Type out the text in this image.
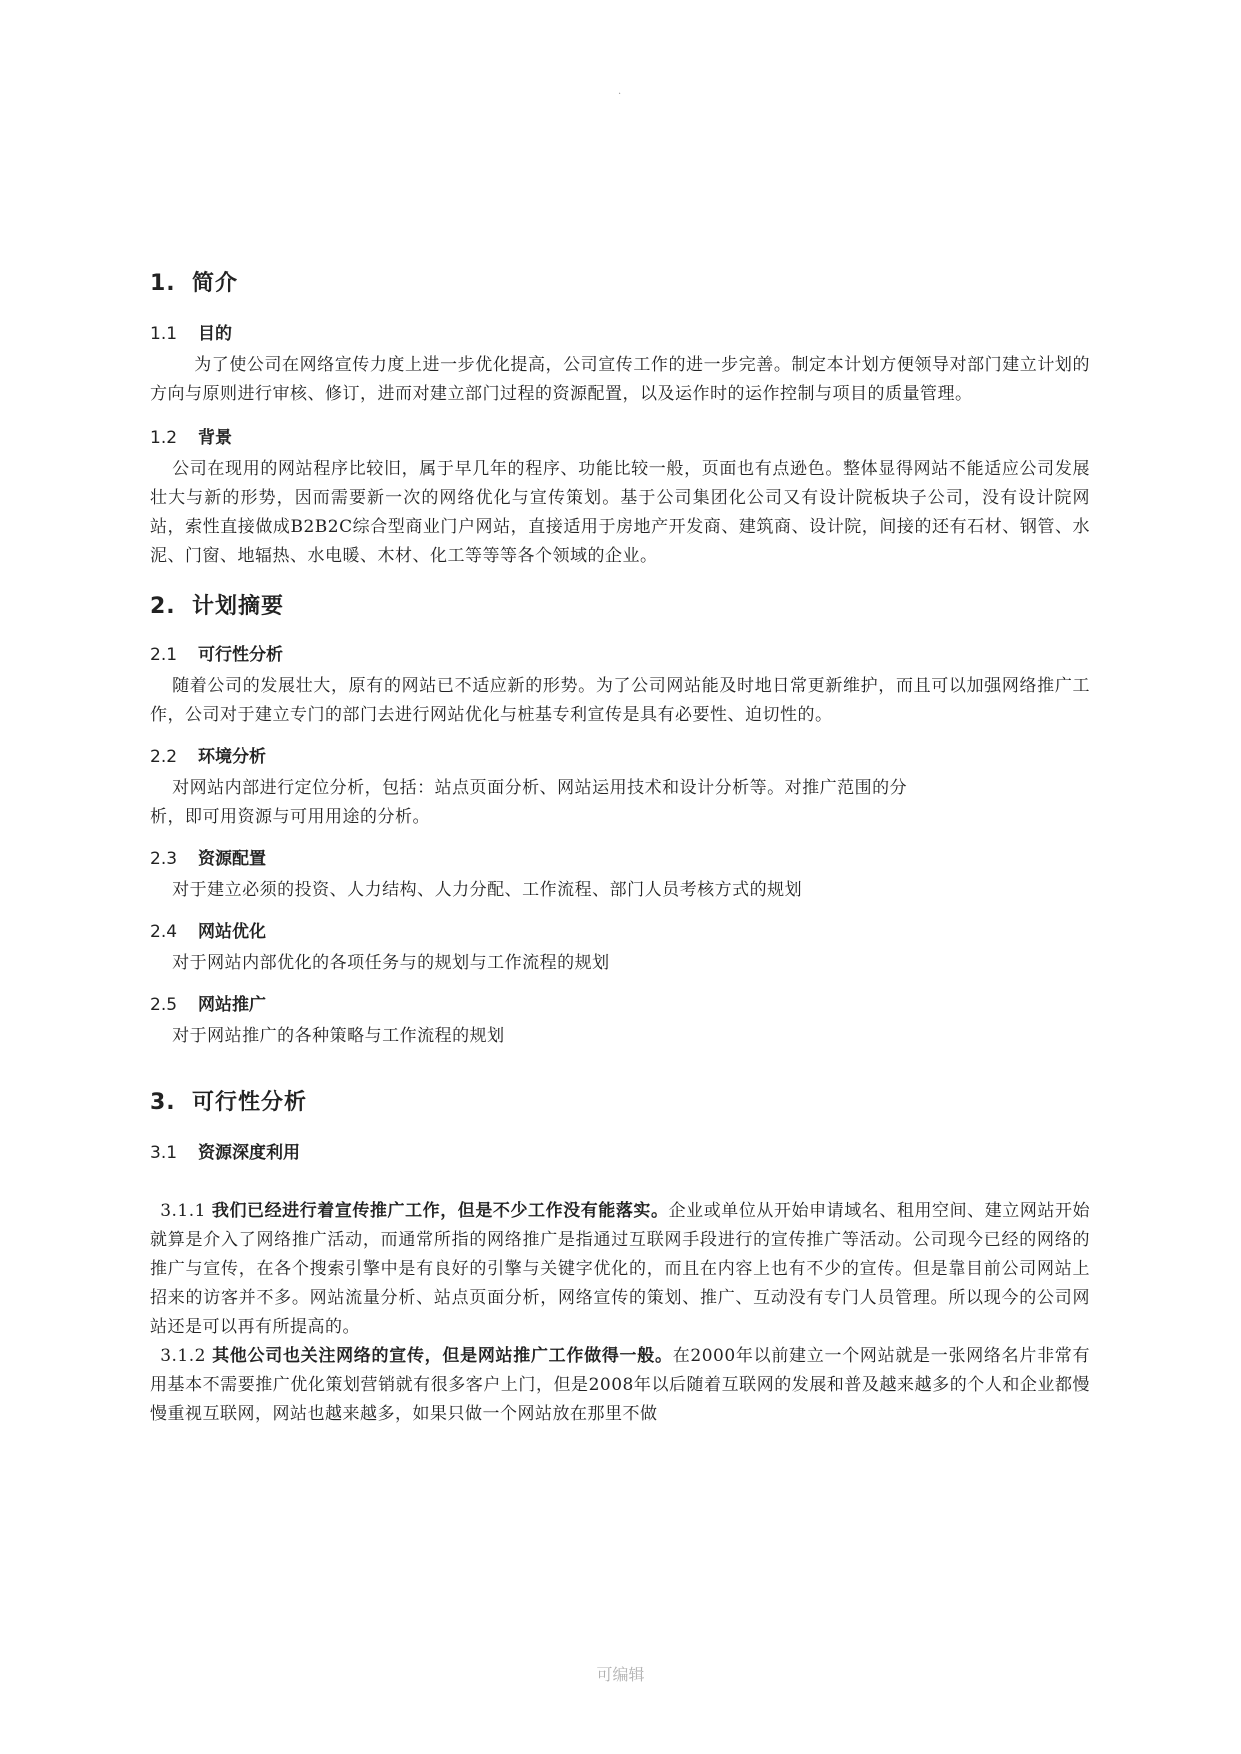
.
1. 简介
1.1 目的

为了使公司在网络宣传力度上进一步优化提高，公司宣传工作的进一步完善。制定本计划方便领导对部门建立计划的方向与原则进行审核、修订，进而对建立部门过程的资源配置，以及运作时的运作控制与项目的质量管理。

1.2 背景

公司在现用的网站程序比较旧，属于早几年的程序、功能比较一般，页面也有点逊色。整体显得网站不能适应公司发展壮大与新的形势，因而需要新一次的网络优化与宣传策划。基于公司集团化公司又有设计院板块子公司，没有设计院网站，索性直接做成B2B2C综合型商业门户网站，直接适用于房地产开发商、建筑商、设计院，间接的还有石材、钢管、水泥、门窗、地辐热、水电暖、木材、化工等等等各个领域的企业。

2. 计划摘要
2.1 可行性分析

随着公司的发展壮大，原有的网站已不适应新的形势。为了公司网站能及时地日常更新维护，而且可以加强网络推广工作，公司对于建立专门的部门去进行网站优化与桩基专利宣传是具有必要性、迫切性的。

2.2 环境分析

对网站内部进行定位分析，包括：站点页面分析、网站运用技术和设计分析等。对推广范围的分

析，即可用资源与可用用途的分析。

2.3 资源配置

对于建立必须的投资、人力结构、人力分配、工作流程、部门人员考核方式的规划

2.4 网站优化

对于网站内部优化的各项任务与的规划与工作流程的规划

2.5 网站推广

对于网站推广的各种策略与工作流程的规划

3. 可行性分析
3.1 资源深度利用

3.1.1 我们已经进行着宣传推广工作，但是不少工作没有能落实。企业或单位从开始申请域名、租用空间、建立网站开始就算是介入了网络推广活动，而通常所指的网络推广是指通过互联网手段进行的宣传推广等活动。公司现今已经的网络的推广与宣传，在各个搜索引擎中是有良好的引擎与关键字优化的，而且在内容上也有不少的宣传。但是靠目前公司网站上招来的访客并不多。网站流量分析、站点页面分析，网络宣传的策划、推广、互动没有专门人员管理。所以现今的公司网站还是可以再有所提高的。

3.1.2 其他公司也关注网络的宣传，但是网站推广工作做得一般。在2000年以前建立一个网站就是一张网络名片非常有用基本不需要推广优化策划营销就有很多客户上门，但是2008年以后随着互联网的发展和普及越来越多的个人和企业都慢慢重视互联网，网站也越来越多，如果只做一个网站放在那里不做

可编辑
